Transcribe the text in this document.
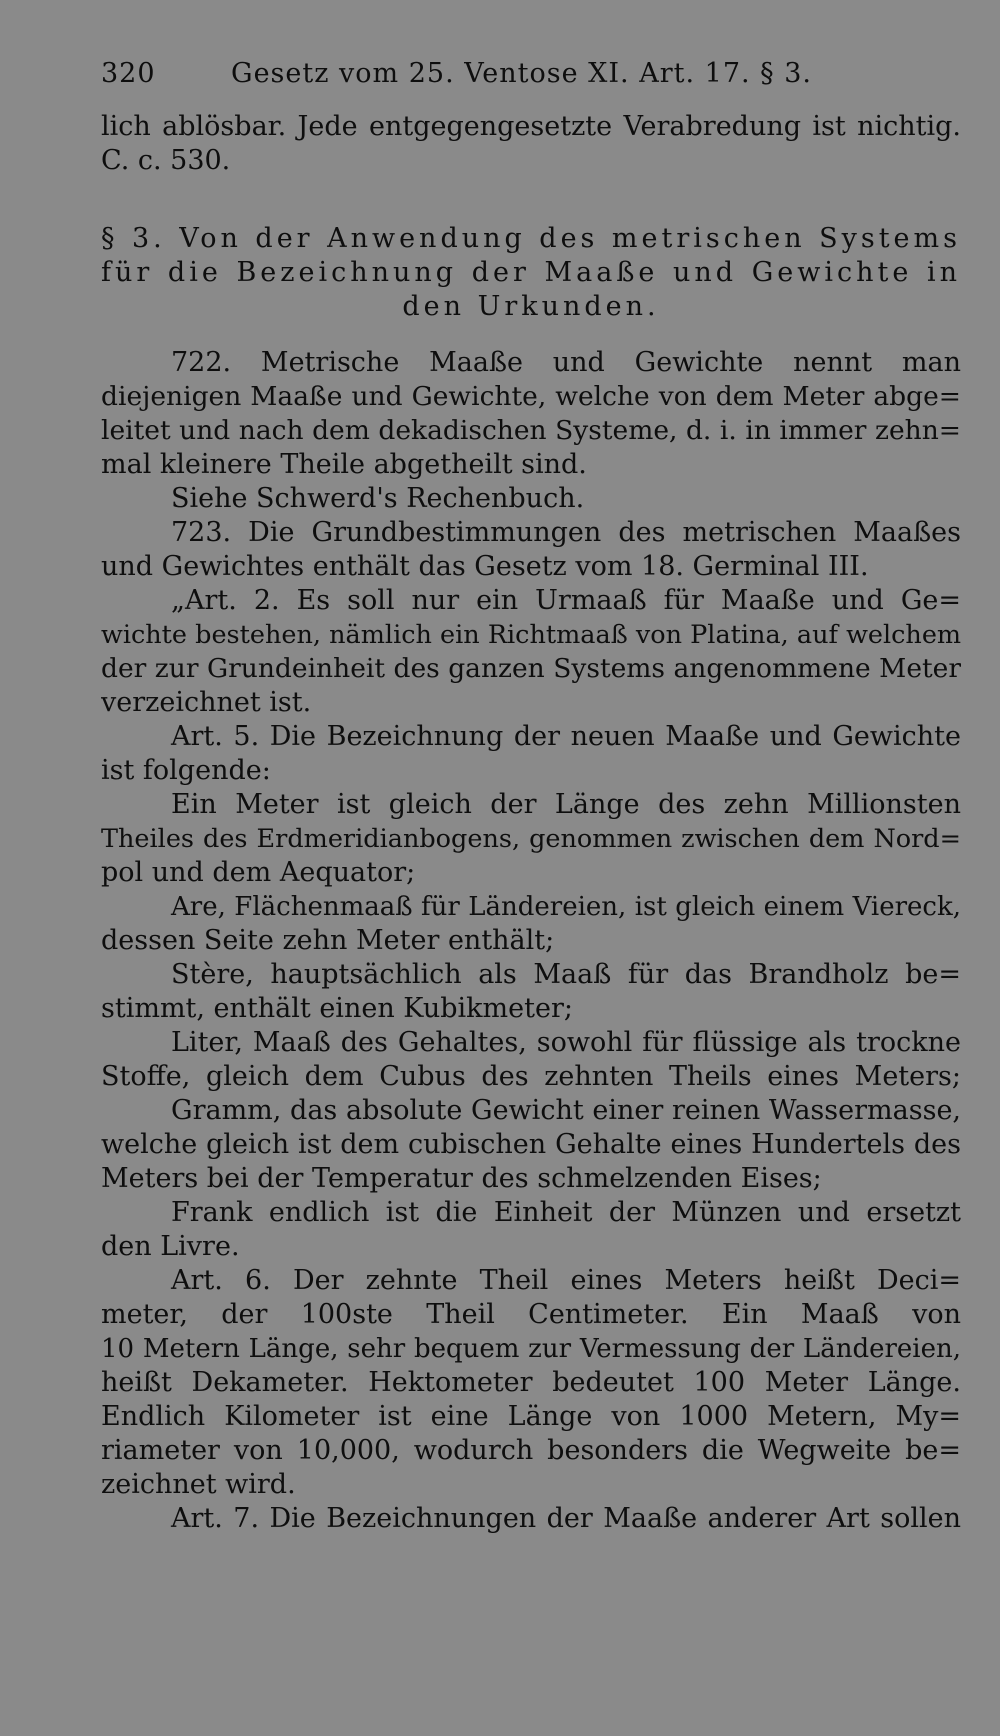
320	Gesetz vom 25. Ventose XI. Art. 17. § 3.
lich ablösbar. Jede entgegengesetzte Verabredung ist nichtig.
C. c. 530.
§ 3. Von der Anwendung des metrischen Systems
für die Bezeichnung der Maaße und Gewichte in
den Urkunden.
722. Metrische Maaße und Gewichte nennt man
diejenigen Maaße und Gewichte, welche von dem Meter abge=
leitet und nach dem dekadischen Systeme, d. i. in immer zehn=
mal kleinere Theile abgetheilt sind.
Siehe Schwerd's Rechenbuch.
723. Die Grundbestimmungen des metrischen Maaßes
und Gewichtes enthält das Gesetz vom 18. Germinal III.
„Art. 2. Es soll nur ein Urmaaß für Maaße und Ge=
wichte bestehen, nämlich ein Richtmaaß von Platina, auf welchem
der zur Grundeinheit des ganzen Systems angenommene Meter
verzeichnet ist.
Art. 5. Die Bezeichnung der neuen Maaße und Gewichte
ist folgende:
Ein Meter ist gleich der Länge des zehn Millionsten
Theiles des Erdmeridianbogens, genommen zwischen dem Nord=
pol und dem Aequator;
Are, Flächenmaaß für Ländereien, ist gleich einem Viereck,
dessen Seite zehn Meter enthält;
Stère, hauptsächlich als Maaß für das Brandholz be=
stimmt, enthält einen Kubikmeter;
Liter, Maaß des Gehaltes, sowohl für flüssige als trockne
Stoffe, gleich dem Cubus des zehnten Theils eines Meters;
Gramm, das absolute Gewicht einer reinen Wassermasse,
welche gleich ist dem cubischen Gehalte eines Hundertels des
Meters bei der Temperatur des schmelzenden Eises;
Frank endlich ist die Einheit der Münzen und ersetzt
den Livre.
Art. 6. Der zehnte Theil eines Meters heißt Deci=
meter, der 100ste Theil Centimeter. Ein Maaß von
10 Metern Länge, sehr bequem zur Vermessung der Ländereien,
heißt Dekameter. Hektometer bedeutet 100 Meter Länge.
Endlich Kilometer ist eine Länge von 1000 Metern, My=
riameter von 10,000, wodurch besonders die Wegweite be=
zeichnet wird.
Art. 7. Die Bezeichnungen der Maaße anderer Art sollen
